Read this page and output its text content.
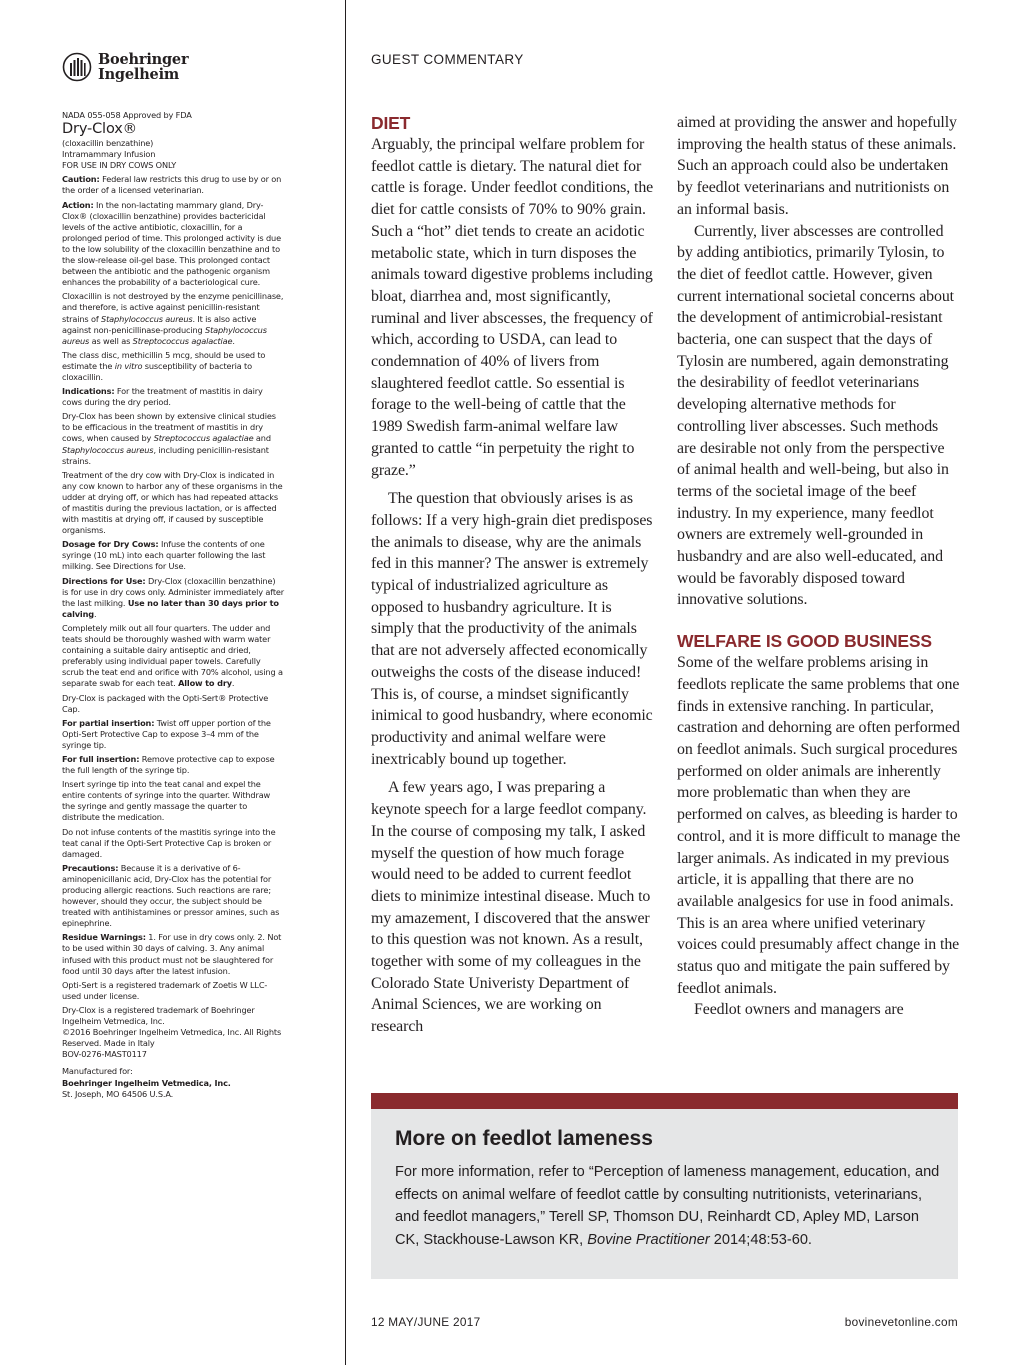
Boehringer
Ingelheim
NADA 055-058 Approved by FDA
Dry-Clox®
(cloxacillin benzathine)
Intramammary Infusion

FOR USE IN DRY COWS ONLY

Caution: Federal law restricts this drug to use by or on the order of a licensed veterinarian.

Action: In the non-lactating mammary gland, Dry-Clox® (cloxacillin benzathine) provides bactericidal levels of the active antibiotic, cloxacillin, for a prolonged period of time. This prolonged activity is due to the low solubility of the cloxacillin benzathine and to the slow-release oil-gel base. This prolonged contact between the antibiotic and the pathogenic organism enhances the probability of a bacteriological cure.

Cloxacillin is not destroyed by the enzyme penicillinase, and therefore, is active against penicillin-resistant strains of Staphylococcus aureus. It is also active against non-penicillinase-producing Staphylococcus aureus as well as Streptococcus agalactiae.

The class disc, methicillin 5 mcg, should be used to estimate the in vitro susceptibility of bacteria to cloxacillin.

Indications: For the treatment of mastitis in dairy cows during the dry period.

Dry-Clox has been shown by extensive clinical studies to be efficacious in the treatment of mastitis in dry cows, when caused by Streptococcus agalactiae and Staphylococcus aureus, including penicillin-resistant strains.

Treatment of the dry cow with Dry-Clox is indicated in any cow known to harbor any of these organisms in the udder at drying off, or which has had repeated attacks of mastitis during the previous lactation, or is affected with mastitis at drying off, if caused by susceptible organisms.

Dosage for Dry Cows: Infuse the contents of one syringe (10 mL) into each quarter following the last milking. See Directions for Use.

Directions for Use: Dry-Clox (cloxacillin benzathine) is for use in dry cows only. Administer immediately after the last milking. Use no later than 30 days prior to calving.

Completely milk out all four quarters. The udder and teats should be thoroughly washed with warm water containing a suitable dairy antiseptic and dried, preferably using individual paper towels. Carefully scrub the teat end and orifice with 70% alcohol, using a separate swab for each teat. Allow to dry.

Dry-Clox is packaged with the Opti-Sert® Protective Cap.

For partial insertion: Twist off upper portion of the Opti-Sert Protective Cap to expose 3–4 mm of the syringe tip.

For full insertion: Remove protective cap to expose the full length of the syringe tip.

Insert syringe tip into the teat canal and expel the entire contents of syringe into the quarter. Withdraw the syringe and gently massage the quarter to distribute the medication.

Do not infuse contents of the mastitis syringe into the teat canal if the Opti-Sert Protective Cap is broken or damaged.

Precautions: Because it is a derivative of 6-aminopenicillanic acid, Dry-Clox has the potential for producing allergic reactions. Such reactions are rare; however, should they occur, the subject should be treated with antihistamines or pressor amines, such as epinephrine.

Residue Warnings: 1. For use in dry cows only. 2. Not to be used within 30 days of calving. 3. Any animal infused with this product must not be slaughtered for food until 30 days after the latest infusion.

Opti-Sert is a registered trademark of Zoetis W LLC-used under license.

Dry-Clox is a registered trademark of Boehringer Ingelheim Vetmedica, Inc.
©2016 Boehringer Ingelheim Vetmedica, Inc. All Rights Reserved. Made in Italy

BOV-0276-MAST0117

Manufactured for:
Boehringer Ingelheim Vetmedica, Inc.
St. Joseph, MO 64506 U.S.A.
GUEST COMMENTARY
DIET

Arguably, the principal welfare problem for feedlot cattle is dietary. The natural diet for cattle is forage. Under feedlot conditions, the diet for cattle consists of 70% to 90% grain. Such a “hot” diet tends to create an acidotic metabolic state, which in turn disposes the animals toward digestive problems including bloat, diarrhea and, most significantly, ruminal and liver abscesses, the frequency of which, according to USDA, can lead to condemnation of 40% of livers from slaughtered feedlot cattle. So essential is forage to the well-being of cattle that the 1989 Swedish farm-animal welfare law granted to cattle “in perpetuity the right to graze.”

The question that obviously arises is as follows: If a very high-grain diet predisposes the animals to disease, why are the animals fed in this manner? The answer is extremely typical of industrialized agriculture as opposed to husbandry agriculture. It is simply that the productivity of the animals that are not adversely affected economically outweighs the costs of the disease induced! This is, of course, a mindset significantly inimical to good husbandry, where economic productivity and animal welfare were inextricably bound up together.

A few years ago, I was preparing a keynote speech for a large feedlot company. In the course of composing my talk, I asked myself the question of how much forage would need to be added to current feedlot diets to minimize intestinal disease. Much to my amazement, I discovered that the answer to this question was not known. As a result, together with some of my colleagues in the Colorado State Univeristy Department of Animal Sciences, we are working on research

aimed at providing the answer and hopefully improving the health status of these animals. Such an approach could also be undertaken by feedlot veterinarians and nutritionists on an informal basis.

Currently, liver abscesses are controlled by adding antibiotics, primarily Tylosin, to the diet of feedlot cattle. However, given current international societal concerns about the development of antimicrobial-resistant bacteria, one can suspect that the days of Tylosin are numbered, again demonstrating the desirability of feedlot veterinarians developing alternative methods for controlling liver abscesses. Such methods are desirable not only from the perspective of animal health and well-being, but also in terms of the societal image of the beef industry. In my experience, many feedlot owners are extremely well-grounded in husbandry and are also well-educated, and would be favorably disposed toward innovative solutions.

WELFARE IS GOOD BUSINESS

Some of the welfare problems arising in feedlots replicate the same problems that one finds in extensive ranching. In particular, castration and dehorning are often performed on feedlot animals. Such surgical procedures performed on older animals are inherently more problematic than when they are performed on calves, as bleeding is harder to control, and it is more difficult to manage the larger animals. As indicated in my previous article, it is appalling that there are no available analgesics for use in food animals. This is an area where unified veterinary voices could presumably affect change in the status quo and mitigate the pain suffered by feedlot animals.

Feedlot owners and managers are

More on feedlot lameness
For more information, refer to “Perception of lameness management, education, and effects on animal welfare of feedlot cattle by consulting nutritionists, veterinarians, and feedlot managers,” Terell SP, Thomson DU, Reinhardt CD, Apley MD, Larson CK, Stackhouse-Lawson KR, Bovine Practitioner 2014;48:53-60.
12 MAY/JUNE 2017	bovinevetonline.com
